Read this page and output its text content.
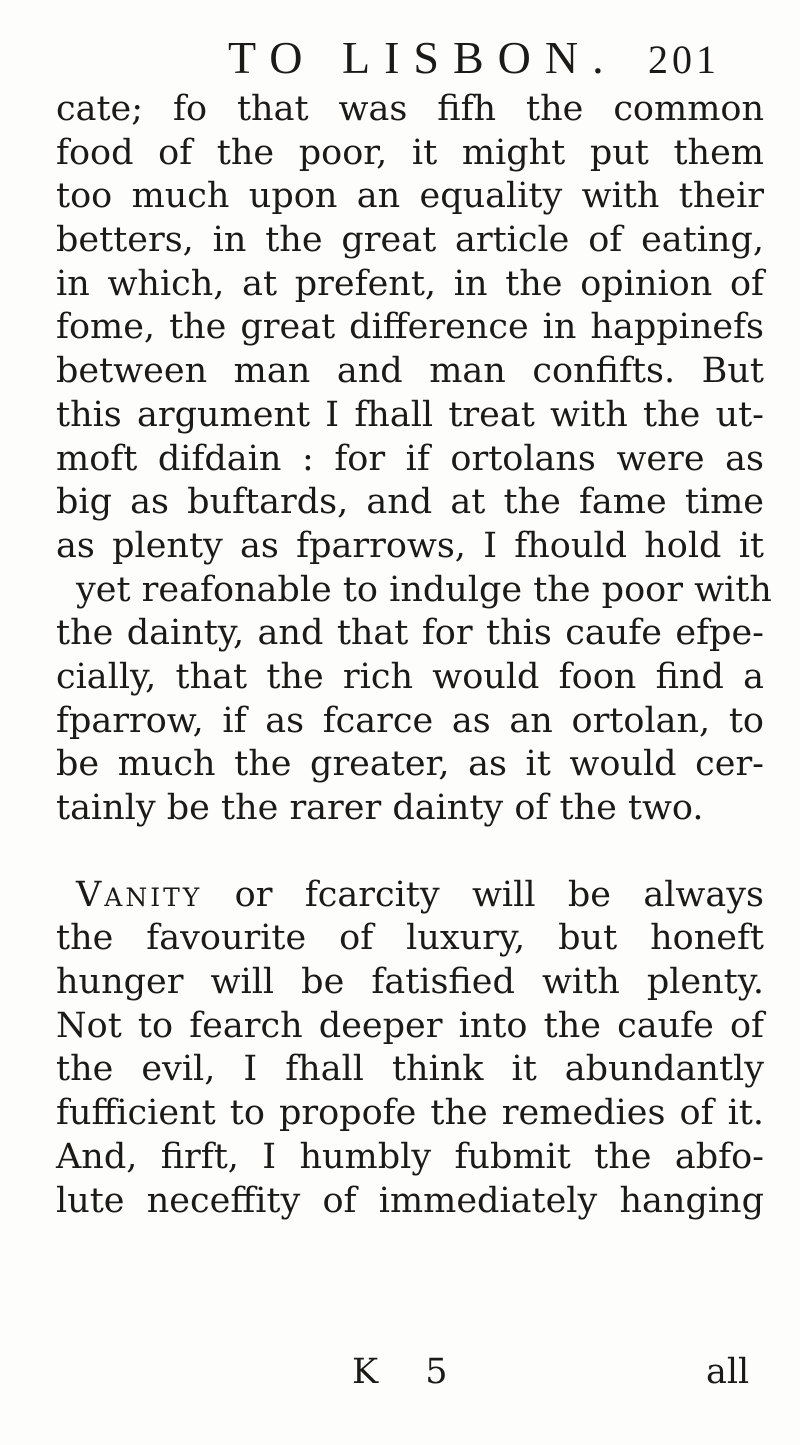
TO LISBON. 201
cate; fo that was fifh the common
food of the poor, it might put them
too much upon an equality with their
betters, in the great article of eating,
in which, at prefent, in the opinion of
fome, the great difference in happinefs
between man and man confifts. But
this argument I fhall treat with the ut-
moft difdain : for if ortolans were as
big as buftards, and at the fame time
as plenty as fparrows, I fhould hold it
yet reafonable to indulge the poor with
the dainty, and that for this caufe efpe-
cially, that the rich would foon find a
fparrow, if as fcarce as an ortolan, to
be much the greater, as it would cer-
tainly be the rarer dainty of the two.
Vanity or fcarcity will be always
the favourite of luxury, but honeft
hunger will be fatisfied with plenty.
Not to fearch deeper into the caufe of
the evil, I fhall think it abundantly
fufficient to propofe the remedies of it.
And, firft, I humbly fubmit the abfo-
lute neceffity of immediately hanging
K 5	all
